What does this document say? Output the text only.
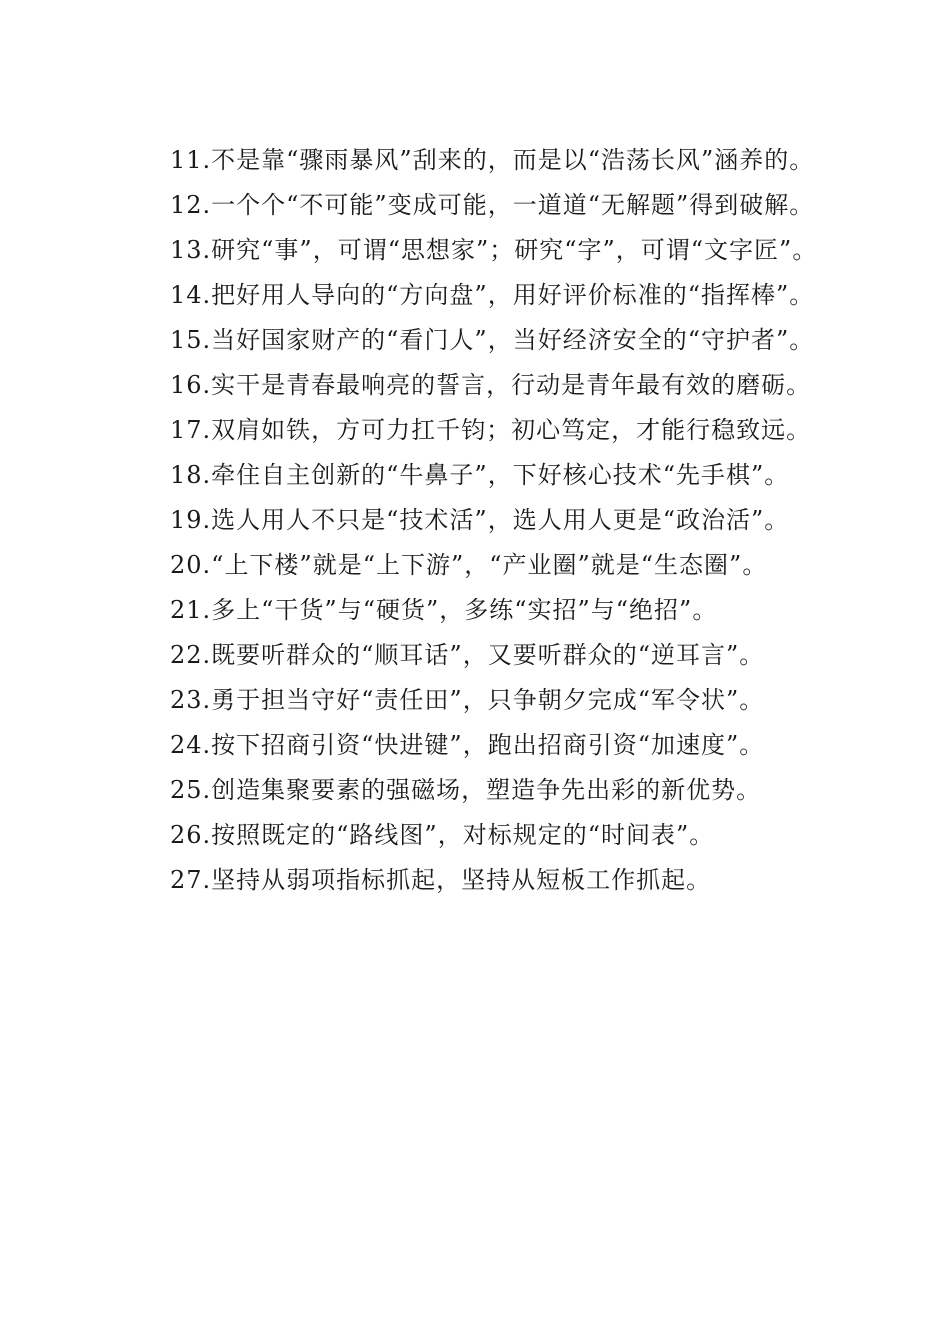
11.不是靠“骤雨暴风”刮来的，而是以“浩荡长风”涵养的。

12.一个个“不可能”变成可能，一道道“无解题”得到破解。

13.研究“事”，可谓“思想家”；研究“字”，可谓“文字匠”。

14.把好用人导向的“方向盘”，用好评价标准的“指挥棒”。

15.当好国家财产的“看门人”，当好经济安全的“守护者”。

16.实干是青春最响亮的誓言，行动是青年最有效的磨砺。

17.双肩如铁，方可力扛千钧；初心笃定，才能行稳致远。

18.牵住自主创新的“牛鼻子”，下好核心技术“先手棋”。

19.选人用人不只是“技术活”，选人用人更是“政治活”。

20.“上下楼”就是“上下游”，“产业圈”就是“生态圈”。

21.多上“干货”与“硬货”，多练“实招”与“绝招”。

22.既要听群众的“顺耳话”，又要听群众的“逆耳言”。

23.勇于担当守好“责任田”，只争朝夕完成“军令状”。

24.按下招商引资“快进键”，跑出招商引资“加速度”。

25.创造集聚要素的强磁场，塑造争先出彩的新优势。

26.按照既定的“路线图”，对标规定的“时间表”。

27.坚持从弱项指标抓起，坚持从短板工作抓起。
